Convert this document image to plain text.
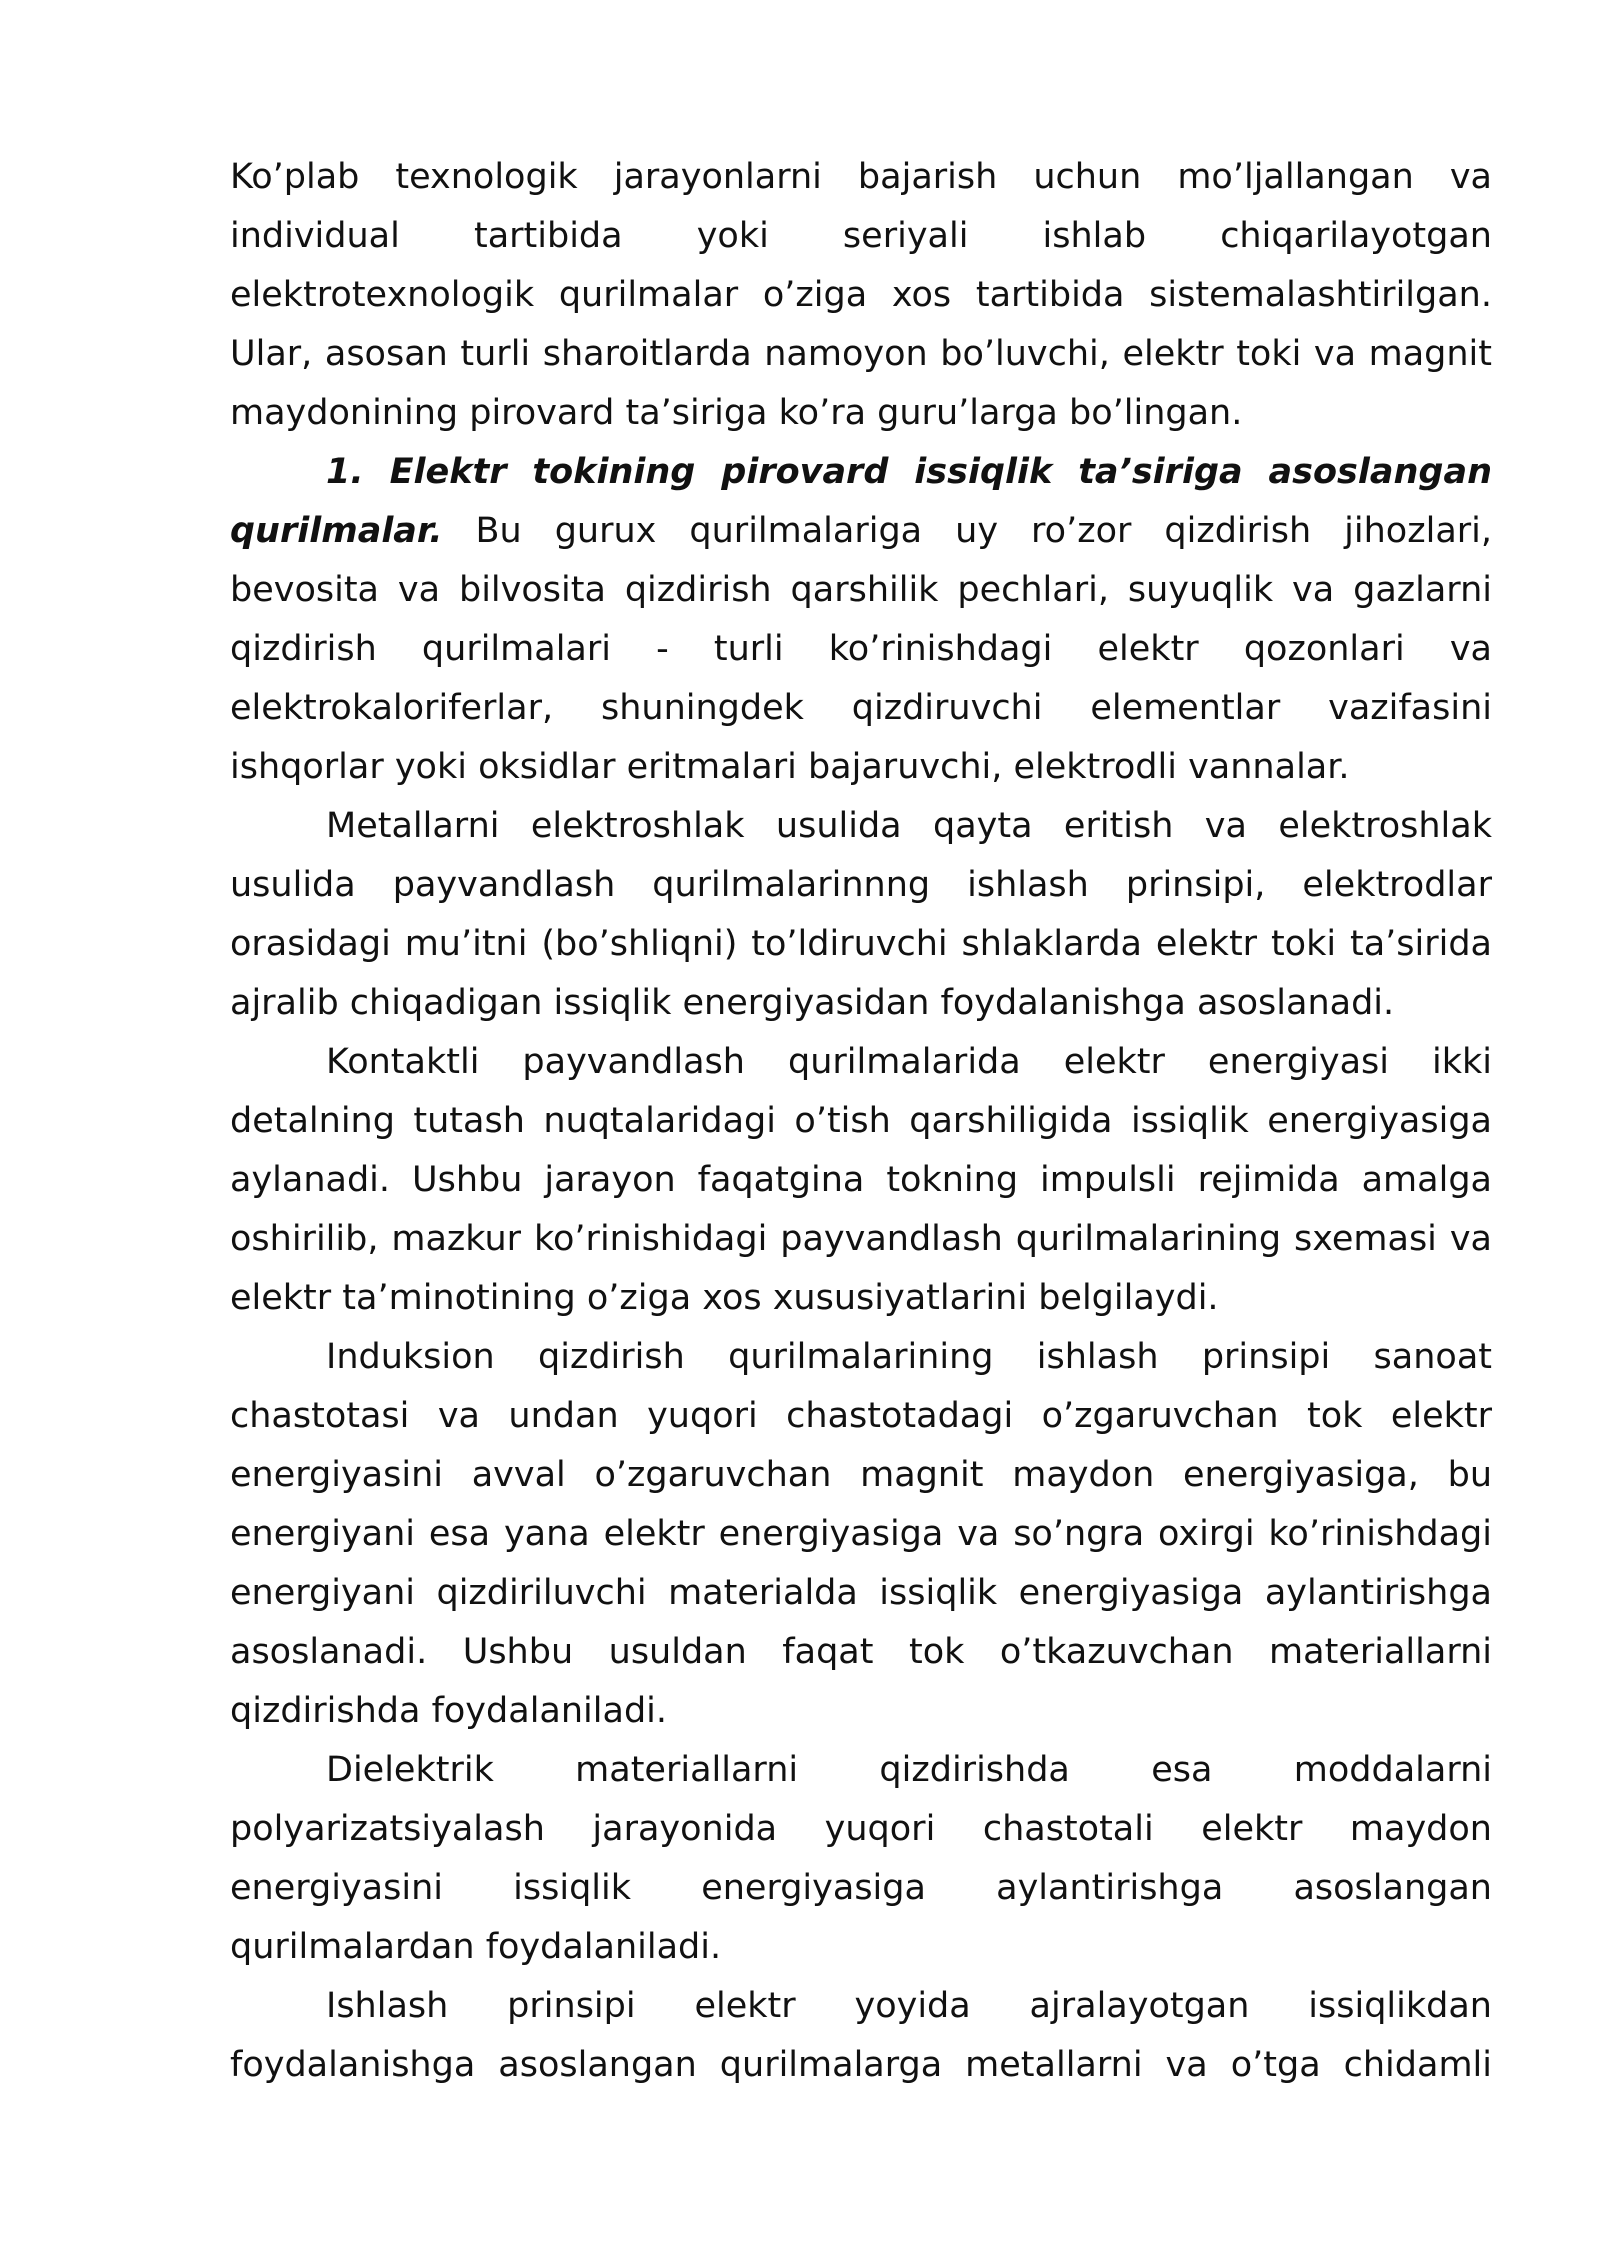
Ko’plab texnologik jarayonlarni bajarish uchun mo’ljallangan va individual tartibida yoki seriyali ishlab chiqarilayotgan elektrotexnologik qurilmalar o’ziga xos tartibida sistemalashtirilgan. Ular, asosan turli sharoitlarda namoyon bo’luvchi, elektr toki va magnit maydonining pirovard ta’siriga ko’ra guru’larga bo’lingan.

1. Elektr tokining pirovard issiqlik ta’siriga asoslangan qurilmalar. Bu gurux qurilmalariga uy ro’zor qizdirish jihozlari, bevosita va bilvosita qizdirish qarshilik pechlari, suyuqlik va gazlarni qizdirish qurilmalari - turli ko’rinishdagi elektr qozonlari va elektrokaloriferlar, shuningdek qizdiruvchi elementlar vazifasini ishqorlar yoki oksidlar eritmalari bajaruvchi, elektrodli vannalar.

Metallarni elektroshlak usulida qayta eritish va elektroshlak usulida payvandlash qurilmalarinnng ishlash prinsipi, elektrodlar orasidagi mu’itni (bo’shliqni) to’ldiruvchi shlaklarda elektr toki ta’sirida ajralib chiqadigan issiqlik energiyasidan foydalanishga asoslanadi.

Kontaktli payvandlash qurilmalarida elektr energiyasi ikki detalning tutash nuqtalaridagi o’tish qarshiligida issiqlik energiyasiga aylanadi. Ushbu jarayon faqatgina tokning impulsli rejimida amalga oshirilib, mazkur ko’rinishidagi payvandlash qurilmalarining sxemasi va elektr ta’minotining o’ziga xos xususiyatlarini belgilaydi.

Induksion qizdirish qurilmalarining ishlash prinsipi sanoat chastotasi va undan yuqori chastotadagi o’zgaruvchan tok elektr energiyasini avval o’zgaruvchan magnit maydon energiyasiga, bu energiyani esa yana elektr energiyasiga va so’ngra oxirgi ko’rinishdagi energiyani qizdiriluvchi materialda issiqlik energiyasiga aylantirishga asoslanadi. Ushbu usuldan faqat tok o’tkazuvchan materiallarni qizdirishda foydalaniladi.

Dielektrik materiallarni qizdirishda esa moddalarni polyarizatsiyalash jarayonida yuqori chastotali elektr maydon energiyasini issiqlik energiyasiga aylantirishga asoslangan qurilmalardan foydalaniladi.

Ishlash prinsipi elektr yoyida ajralayotgan issiqlikdan foydalanishga asoslangan qurilmalarga metallarni va o’tga chidamli
